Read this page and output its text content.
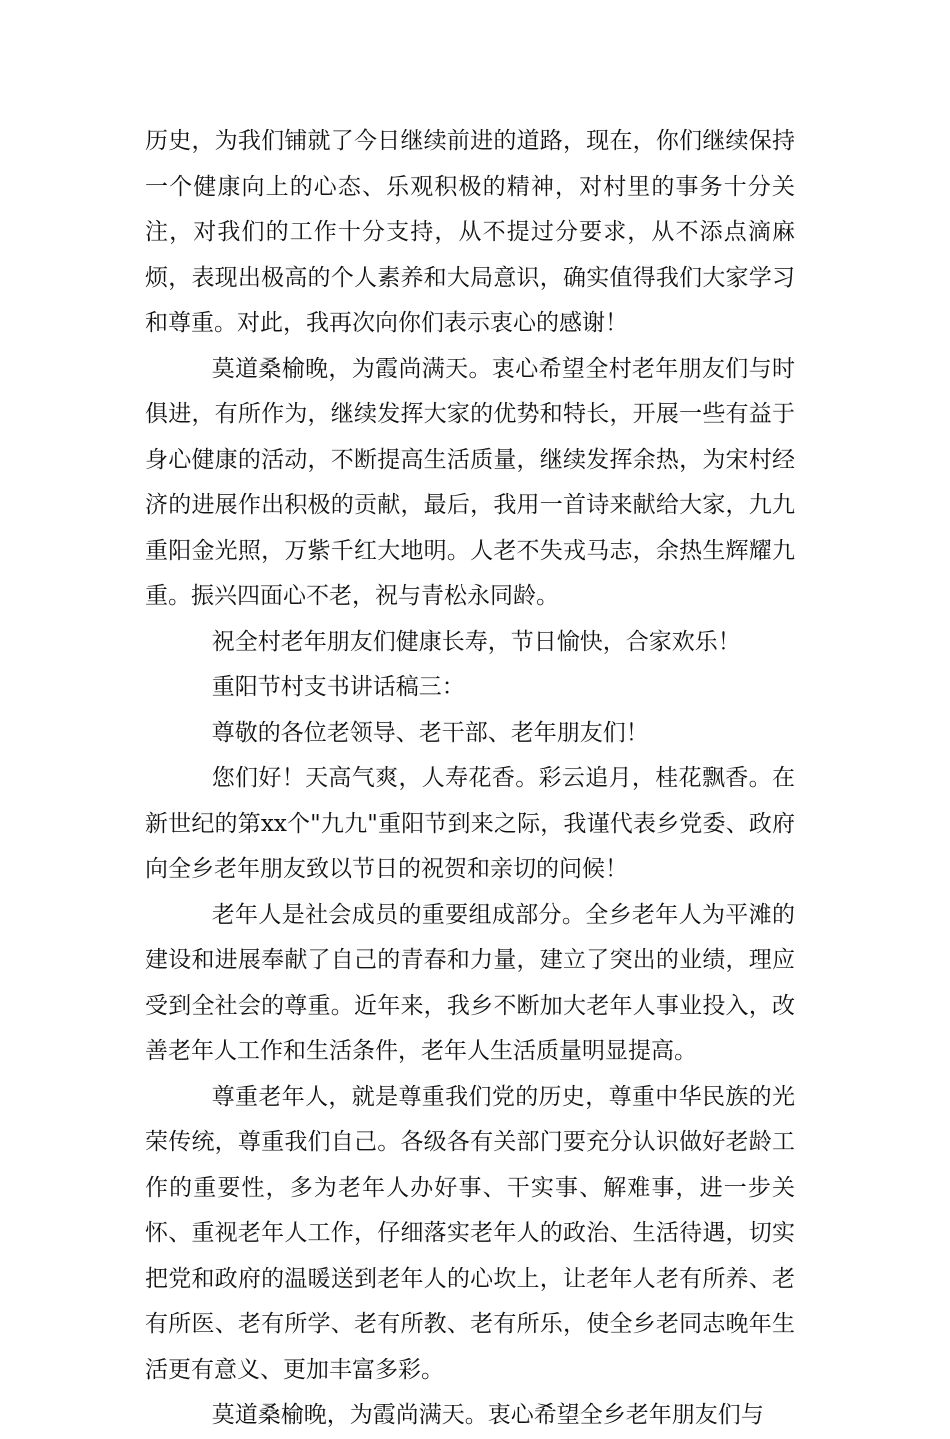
历史，为我们铺就了今日继续前进的道路，现在，你们继续保持一个健康向上的心态、乐观积极的精神，对村里的事务十分关注，对我们的工作十分支持，从不提过分要求，从不添点滴麻烦，表现出极高的个人素养和大局意识，确实值得我们大家学习和尊重。对此，我再次向你们表示衷心的感谢！

莫道桑榆晚，为霞尚满天。衷心希望全村老年朋友们与时俱进，有所作为，继续发挥大家的优势和特长，开展一些有益于身心健康的活动，不断提高生活质量，继续发挥余热，为宋村经济的进展作出积极的贡献，最后，我用一首诗来献给大家，九九重阳金光照，万紫千红大地明。人老不失戎马志，余热生辉耀九重。振兴四面心不老，祝与青松永同龄。

祝全村老年朋友们健康长寿，节日愉快，合家欢乐！

重阳节村支书讲话稿三：

尊敬的各位老领导、老干部、老年朋友们！

您们好！天高气爽，人寿花香。彩云追月，桂花飘香。在新世纪的第xx个"九九"重阳节到来之际，我谨代表乡党委、政府向全乡老年朋友致以节日的祝贺和亲切的问候！

老年人是社会成员的重要组成部分。全乡老年人为平滩的建设和进展奉献了自己的青春和力量，建立了突出的业绩，理应受到全社会的尊重。近年来，我乡不断加大老年人事业投入，改善老年人工作和生活条件，老年人生活质量明显提高。

尊重老年人，就是尊重我们党的历史，尊重中华民族的光荣传统，尊重我们自己。各级各有关部门要充分认识做好老龄工作的重要性，多为老年人办好事、干实事、解难事，进一步关怀、重视老年人工作，仔细落实老年人的政治、生活待遇，切实把党和政府的温暖送到老年人的心坎上，让老年人老有所养、老有所医、老有所学、老有所教、老有所乐，使全乡老同志晚年生活更有意义、更加丰富多彩。

莫道桑榆晚，为霞尚满天。衷心希望全乡老年朋友们与
